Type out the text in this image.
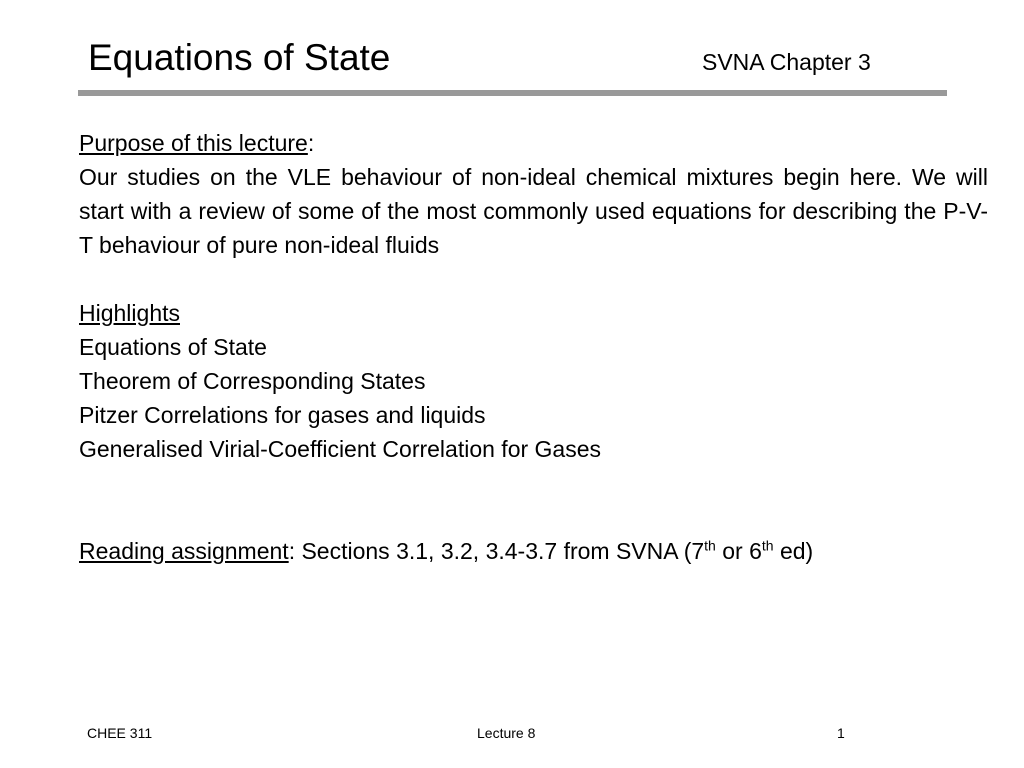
Equations of State	SVNA Chapter 3

Purpose of this lecture:

Our studies on the VLE behaviour of non-ideal chemical mixtures begin here. We will start with a review of some of the most commonly used equations for describing the P-V-T behaviour of pure non-ideal fluids

Highlights

Equations of State

Theorem of Corresponding States

Pitzer Correlations for gases and liquids

Generalised Virial-Coefficient Correlation for Gases

Reading assignment: Sections 3.1, 3.2, 3.4-3.7 from SVNA (7th or 6th ed)

CHEE 311	Lecture 8	1
